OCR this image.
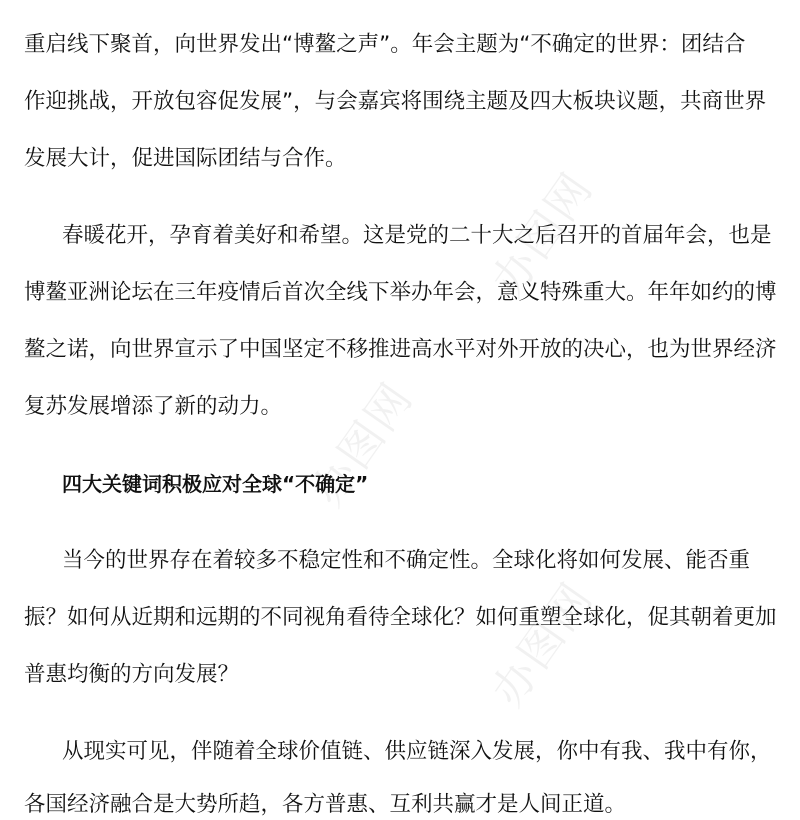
办图网
办图网
办图网
重启线下聚首，向世界发出“博鳌之声”。年会主题为“不确定的世界：团结合
作迎挑战，开放包容促发展”，与会嘉宾将围绕主题及四大板块议题，共商世界
发展大计，促进国际团结与合作。
春暖花开，孕育着美好和希望。这是党的二十大之后召开的首届年会，也是
博鳌亚洲论坛在三年疫情后首次全线下举办年会，意义特殊重大。年年如约的博
鳌之诺，向世界宣示了中国坚定不移推进高水平对外开放的决心，也为世界经济
复苏发展增添了新的动力。
四大关键词积极应对全球“不确定”
当今的世界存在着较多不稳定性和不确定性。全球化将如何发展、能否重
振？如何从近期和远期的不同视角看待全球化？如何重塑全球化，促其朝着更加
普惠均衡的方向发展？
从现实可见，伴随着全球价值链、供应链深入发展，你中有我、我中有你，
各国经济融合是大势所趋，各方普惠、互利共赢才是人间正道。
